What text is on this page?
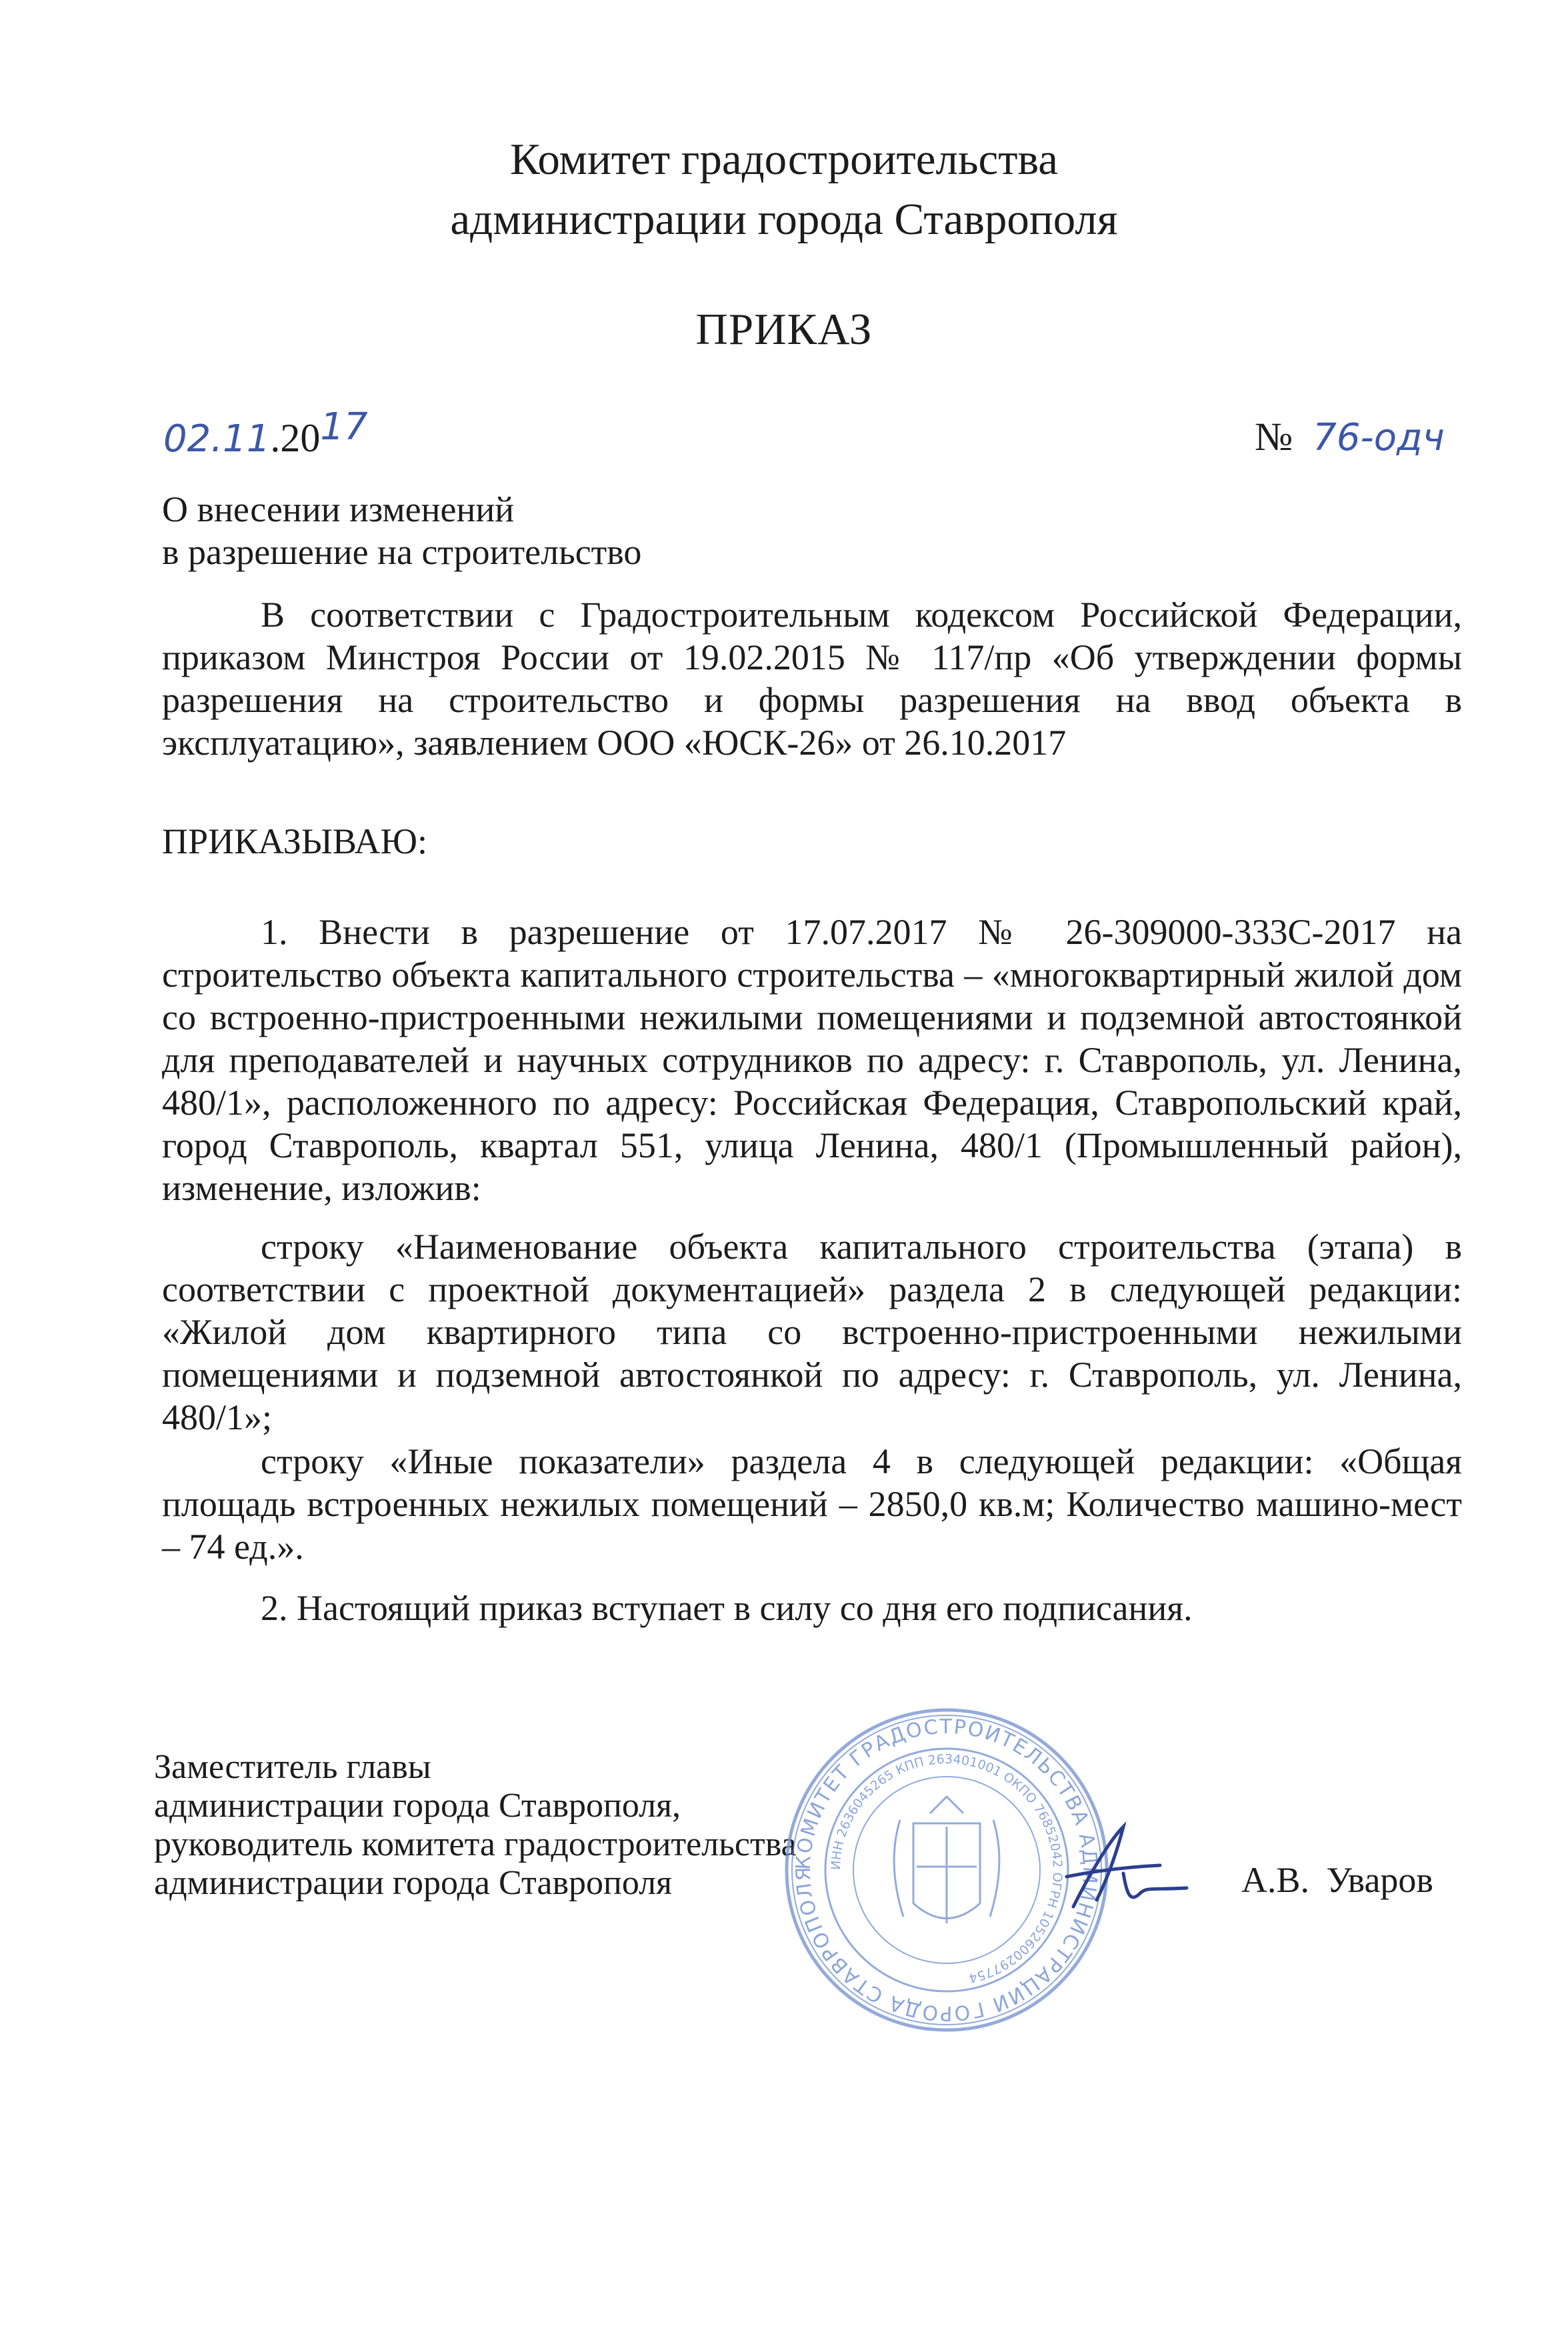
Комитет градостроительства
администрации города Ставрополя
ПРИКАЗ
02.11.2017	№ 76-одч
О внесении изменений
в разрешение на строительство

В соответствии с Градостроительным кодексом Российской Федерации, приказом Минстроя России от 19.02.2015 № 117/пр «Об утверждении формы разрешения на строительство и формы разрешения на ввод объекта в эксплуатацию», заявлением ООО «ЮСК-26» от 26.10.2017

ПРИКАЗЫВАЮ:

1. Внести в разрешение от 17.07.2017 № 26-309000-333С-2017 на строительство объекта капитального строительства – «многоквартирный жилой дом со встроенно-пристроенными нежилыми помещениями и подземной автостоянкой для преподавателей и научных сотрудников по адресу: г. Ставрополь, ул. Ленина, 480/1», расположенного по адресу: Российская Федерация, Ставропольский край, город Ставрополь, квартал 551, улица Ленина, 480/1 (Промышленный район), изменение, изложив:

строку «Наименование объекта капитального строительства (этапа) в соответствии с проектной документацией» раздела 2 в следующей редакции: «Жилой дом квартирного типа со встроенно-пристроенными нежилыми помещениями и подземной автостоянкой по адресу: г. Ставрополь, ул. Ленина, 480/1»;

строку «Иные показатели» раздела 4 в следующей редакции: «Общая площадь встроенных нежилых помещений – 2850,0 кв.м; Количество машино-мест – 74 ед.».

2. Настоящий приказ вступает в силу со дня его подписания.

Заместитель главы
администрации города Ставрополя,
руководитель комитета градостроительства
администрации города Ставрополя
КОМИТЕТ ГРАДОСТРОИТЕЛЬСТВА АДМИНИСТРАЦИИ ГОРОДА СТАВРОПОЛЯ
ИНН 2636045265 КПП 263401001 ОКПО 76852042 ОГРН 1052600297754
А.В. Уваров
